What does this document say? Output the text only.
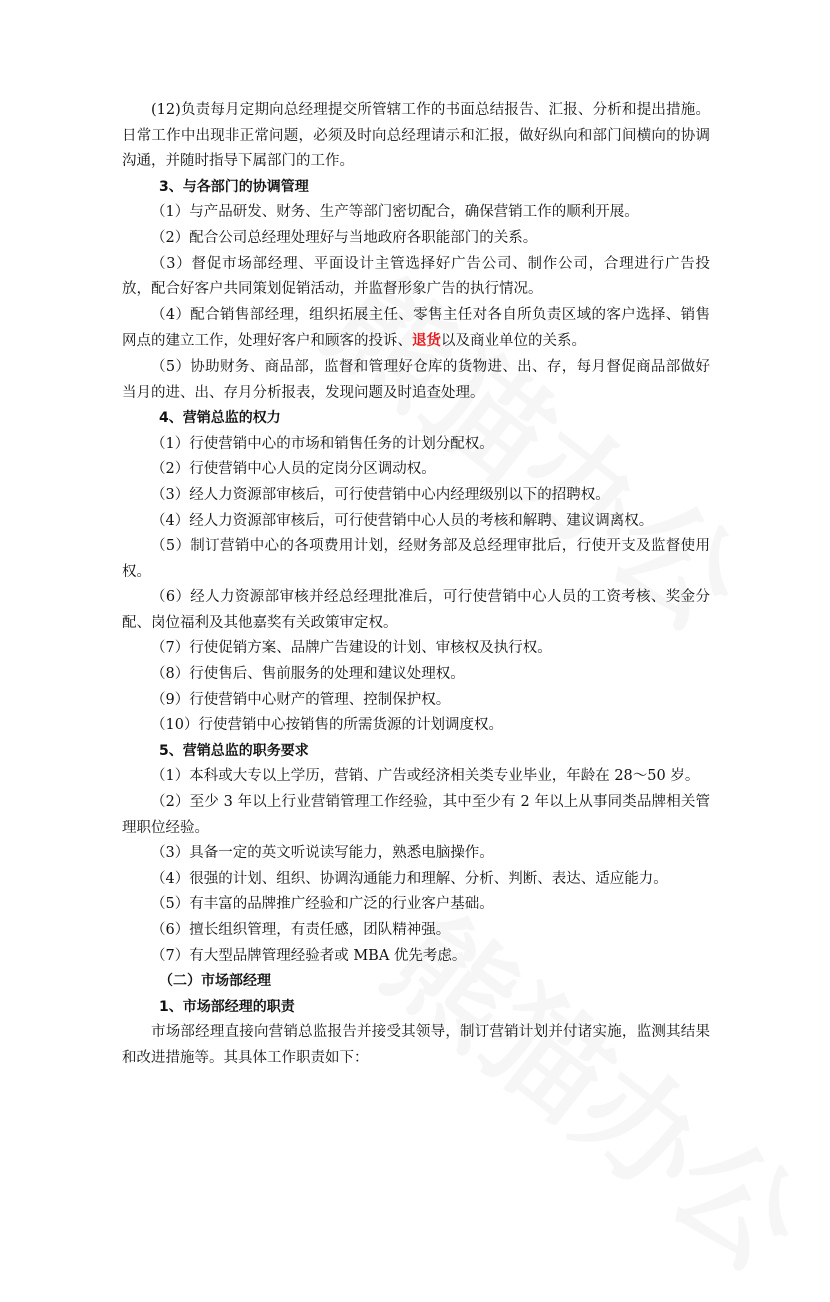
(12)负责每月定期向总经理提交所管辖工作的书面总结报告、汇报、分析和提出措施。日常工作中出现非正常问题，必须及时向总经理请示和汇报，做好纵向和部门间横向的协调沟通，并随时指导下属部门的工作。

3、与各部门的协调管理

（1）与产品研发、财务、生产等部门密切配合，确保营销工作的顺利开展。

（2）配合公司总经理处理好与当地政府各职能部门的关系。

（3）督促市场部经理、平面设计主管选择好广告公司、制作公司，合理进行广告投放，配合好客户共同策划促销活动，并监督形象广告的执行情况。

（4）配合销售部经理，组织拓展主任、零售主任对各自所负责区域的客户选择、销售网点的建立工作，处理好客户和顾客的投诉、退货以及商业单位的关系。

（5）协助财务、商品部，监督和管理好仓库的货物进、出、存，每月督促商品部做好当月的进、出、存月分析报表，发现问题及时追查处理。

4、营销总监的权力

（1）行使营销中心的市场和销售任务的计划分配权。

（2）行使营销中心人员的定岗分区调动权。

（3）经人力资源部审核后，可行使营销中心内经理级别以下的招聘权。

（4）经人力资源部审核后，可行使营销中心人员的考核和解聘、建议调离权。

（5）制订营销中心的各项费用计划，经财务部及总经理审批后，行使开支及监督使用权。

（6）经人力资源部审核并经总经理批准后，可行使营销中心人员的工资考核、奖金分配、岗位福利及其他嘉奖有关政策审定权。

（7）行使促销方案、品牌广告建设的计划、审核权及执行权。

（8）行使售后、售前服务的处理和建议处理权。

（9）行使营销中心财产的管理、控制保护权。

（10）行使营销中心按销售的所需货源的计划调度权。

5、营销总监的职务要求

（1）本科或大专以上学历，营销、广告或经济相关类专业毕业，年龄在 28～50 岁。

（2）至少 3 年以上行业营销管理工作经验，其中至少有 2 年以上从事同类品牌相关管理职位经验。

（3）具备一定的英文听说读写能力，熟悉电脑操作。

（4）很强的计划、组织、协调沟通能力和理解、分析、判断、表达、适应能力。

（5）有丰富的品牌推广经验和广泛的行业客户基础。

（6）擅长组织管理，有责任感，团队精神强。

（7）有大型品牌管理经验者或 MBA 优先考虑。

（二）市场部经理

1、市场部经理的职责

市场部经理直接向营销总监报告并接受其领导，制订营销计划并付诸实施，监测其结果和改进措施等。其具体工作职责如下：
